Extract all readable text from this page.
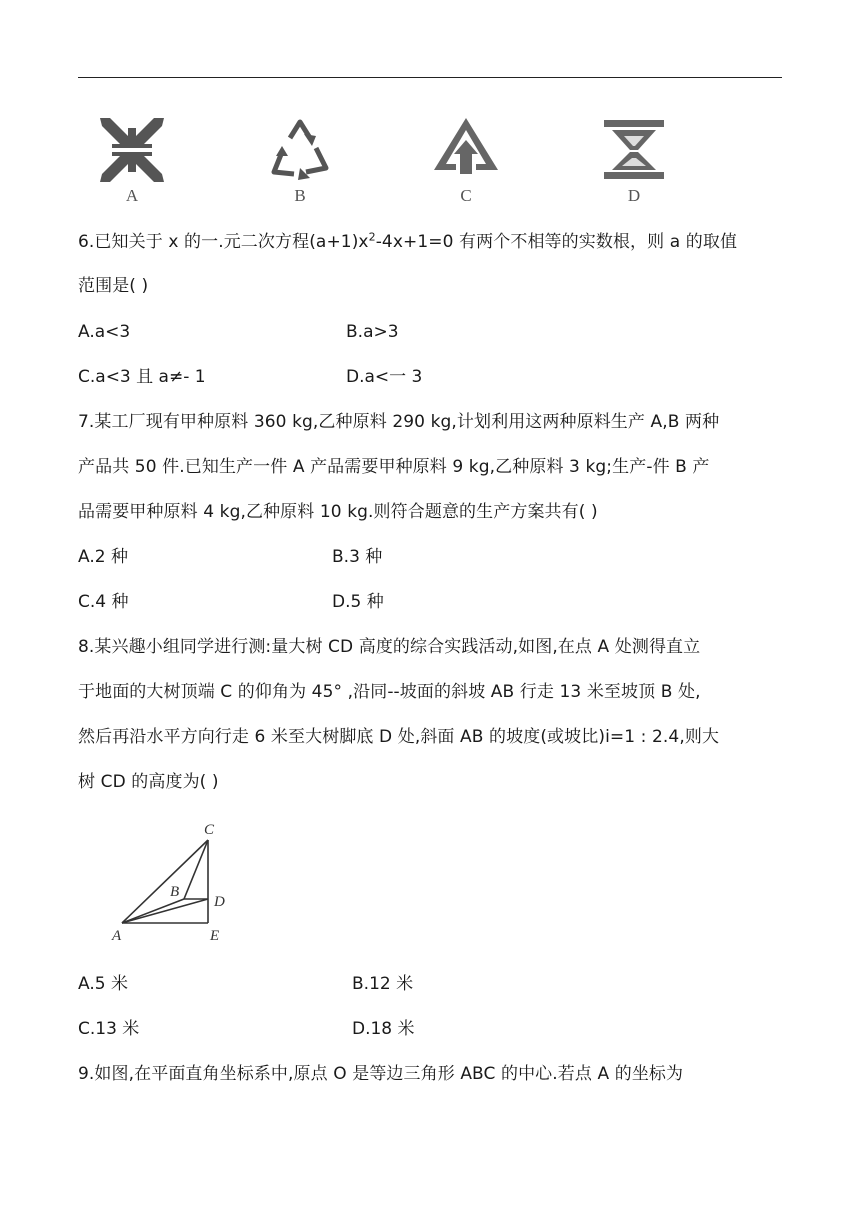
A	B	C	D
6.已知关于 x 的一.元二次方程$(a+1)x^2-4x+1=0$ 有两个不相等的实数根，则 a 的取值
范围是( )
A.a<3	B.a>3
C.a<3 且 a≠- 1	D.a<一 3
7.某工厂现有甲种原料 360 kg,乙种原料 290 kg,计划利用这两种原料生产 A,B 两种
产品共 50 件.已知生产一件 A 产品需要甲种原料 9 kg,乙种原料 3 kg;生产-件 B 产
品需要甲种原料 4 kg,乙种原料 10 kg.则符合题意的生产方案共有( )
A.2 种	B.3 种
C.4 种	D.5 种
8.某兴趣小组同学进行测:量大树 CD 高度的综合实践活动,如图,在点 A 处测得直立
于地面的大树顶端 C 的仰角为 45° ,沿同--坡面的斜坡 AB 行走 13 米至坡顶 B 处,
然后再沿水平方向行走 6 米至大树脚底 D 处,斜面 AB 的坡度(或坡比)i=1 : 2.4,则大
树 CD 的高度为( )
C
B
D
A	E
A.5 米	B.12 米
C.13 米	D.18 米
9.如图,在平面直角坐标系中,原点 O 是等边三角形 ABC 的中心.若点 A 的坐标为
